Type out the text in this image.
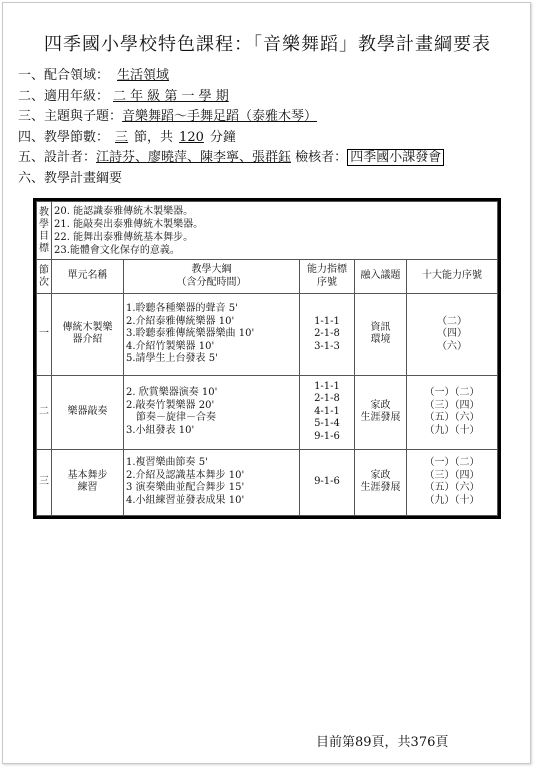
四季國小學校特色課程：「音樂舞蹈」教學計畫綱要表
一、配合領域： 生活領域
二、適用年級： 二 年 級 第 一 學 期
三、主題與子題：音樂舞蹈～手舞足蹈（泰雅木琴）
四、教學節數： 三 節，共 120 分鐘
五、設計者：江詩芬、廖曉萍、陳李寧、張群鈺 檢核者： 四季國小課發會
六、教學計畫綱要
教
學
目
標	20. 能認識泰雅傳統木製樂器。
21. 能敲奏出泰雅傳統木製樂器。
22. 能舞出泰雅傳統基本舞步。
23.能體會文化保存的意義。				

節
次	單元名稱	教學大綱
（含分配時間）	能力指標
序號	融入議題	十大能力序號
一	傳統木製樂
器介紹	1.聆聽各種樂器的聲音 5'
2.介紹泰雅傳統樂器 10'
3.聆聽泰雅傳統樂器樂曲 10'
4.介紹竹製樂器 10'
5.請學生上台發表 5'	1-1-1
2-1-8
3-1-3	資訊
環境	（二）
（四）
（六）

二	樂器敲奏	2. 欣賞樂器演奏 10'
2.敲奏竹製樂器 20'
　節奏－旋律－合奏
3.小組發表 10'	1-1-1
2-1-8
4-1-1
5-1-4
9-1-6	家政
生涯發展	（一）（二）
（三）（四）
（五）（六）
（九）（十）

三	基本舞步
練習	1.複習樂曲節奏 5'
2.介紹及認識基本舞步 10'
3 演奏樂曲並配合舞步 15'
4.小組練習並發表成果 10'	9-1-6	家政
生涯發展	（一）（二）
（三）（四）
（五）（六）
（九）（十）
目前第89頁，共376頁
